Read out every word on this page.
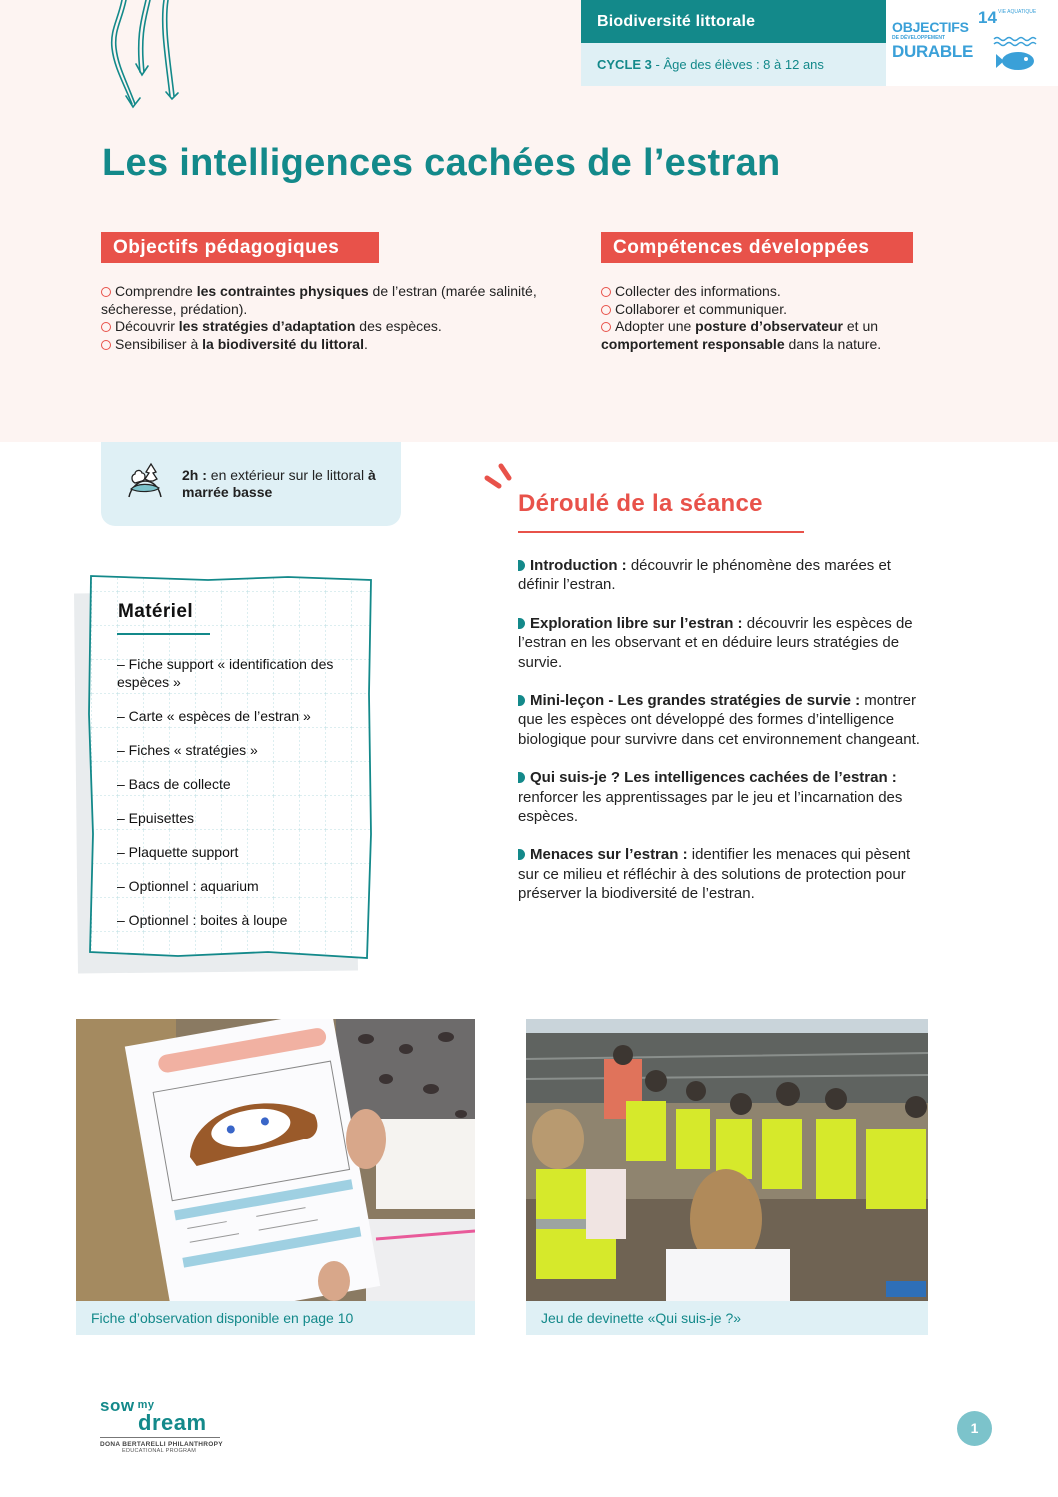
Biodiversité littorale
CYCLE 3 - Âge des élèves : 8 à 12 ans
OBJECTIFS
DE DÉVELOPPEMENT
DURABLE
14 VIE AQUATIQUE
Les intelligences cachées de l’estran
Objectifs pédagogiques	Compétences développées
Comprendre les contraintes physiques de l’estran (marée salinité, sécheresse, prédation).
Découvrir les stratégies d’adaptation des espèces.
Sensibiliser à la biodiversité du littoral.
Collecter des informations.
Collaborer et communiquer.
Adopter une posture d’observateur et un comportement responsable dans la nature.
2h : en extérieur sur le littoral à marrée basse
Matériel
– Fiche support « identification des espèces »
– Carte « espèces de l’estran »
– Fiches « stratégies »
– Bacs de collecte
– Epuisettes
– Plaquette support
– Optionnel : aquarium
– Optionnel : boites à loupe
Déroulé de la séance
Introduction : découvrir le phénomène des marées et définir l’estran.
Exploration libre sur l’estran : découvrir les espèces de l’estran en les observant et en déduire leurs stratégies de survie.
Mini-leçon - Les grandes stratégies de survie : montrer que les espèces ont développé des formes d’intelligence biologique pour survivre dans cet environnement changeant.
Qui suis-je ? Les intelligences cachées de l’estran : renforcer les apprentissages par le jeu et l’incarnation des espèces.
Menaces sur l’estran : identifier les menaces qui pèsent sur ce milieu et réfléchir à des solutions de protection pour préserver la biodiversité de l’estran.
Fiche d’observation disponible en page 10	Jeu de devinette «Qui suis-je ?»
sow my
dream
DONA BERTARELLI PHILANTHROPY
EDUCATIONAL PROGRAM
1
